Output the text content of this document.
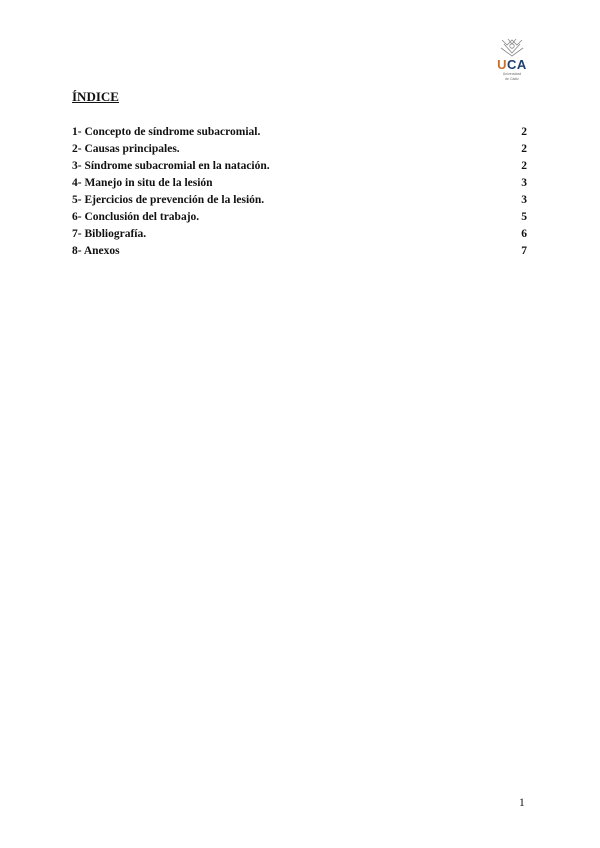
UCA
Universidad
de Cádiz
ÍNDICE
1- Concepto de síndrome subacromial.	2
2- Causas principales.	2
3- Síndrome subacromial en la natación.	2
4- Manejo in situ de la lesión	3
5- Ejercicios de prevención de la lesión.	3
6- Conclusión del trabajo.	5
7- Bibliografía.	6
8- Anexos	7
1
